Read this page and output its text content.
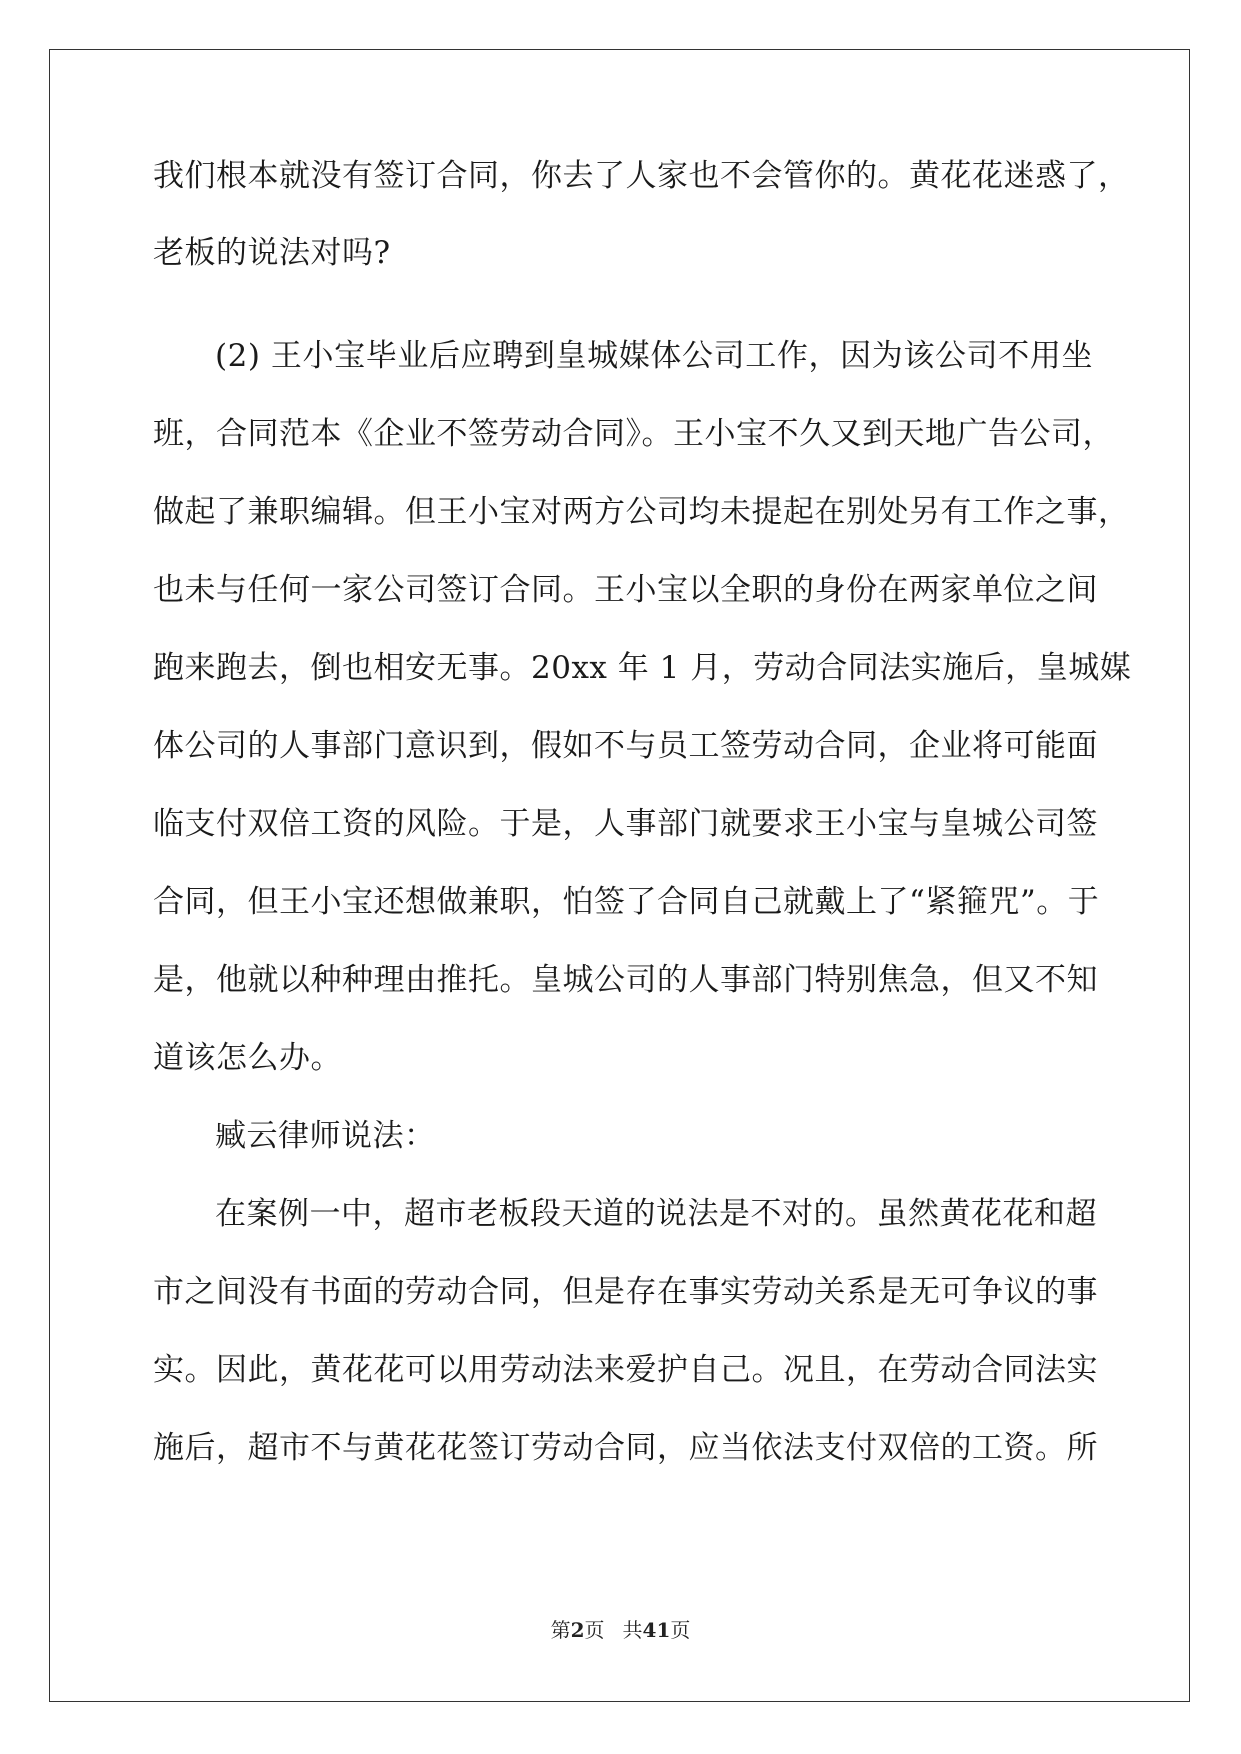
我们根本就没有签订合同，你去了人家也不会管你的。黄花花迷惑了，
老板的说法对吗?
(2) 王小宝毕业后应聘到皇城媒体公司工作，因为该公司不用坐
班，合同范本《企业不签劳动合同》。王小宝不久又到天地广告公司，
做起了兼职编辑。但王小宝对两方公司均未提起在别处另有工作之事，
也未与任何一家公司签订合同。王小宝以全职的身份在两家单位之间
跑来跑去，倒也相安无事。20xx 年 1 月，劳动合同法实施后，皇城媒
体公司的人事部门意识到，假如不与员工签劳动合同，企业将可能面
临支付双倍工资的风险。于是，人事部门就要求王小宝与皇城公司签
合同，但王小宝还想做兼职，怕签了合同自己就戴上了“紧箍咒”。于
是，他就以种种理由推托。皇城公司的人事部门特别焦急，但又不知
道该怎么办。
臧云律师说法：
在案例一中，超市老板段天道的说法是不对的。虽然黄花花和超
市之间没有书面的劳动合同，但是存在事实劳动关系是无可争议的事
实。因此，黄花花可以用劳动法来爱护自己。况且，在劳动合同法实
施后，超市不与黄花花签订劳动合同，应当依法支付双倍的工资。所
第2页 共41页
